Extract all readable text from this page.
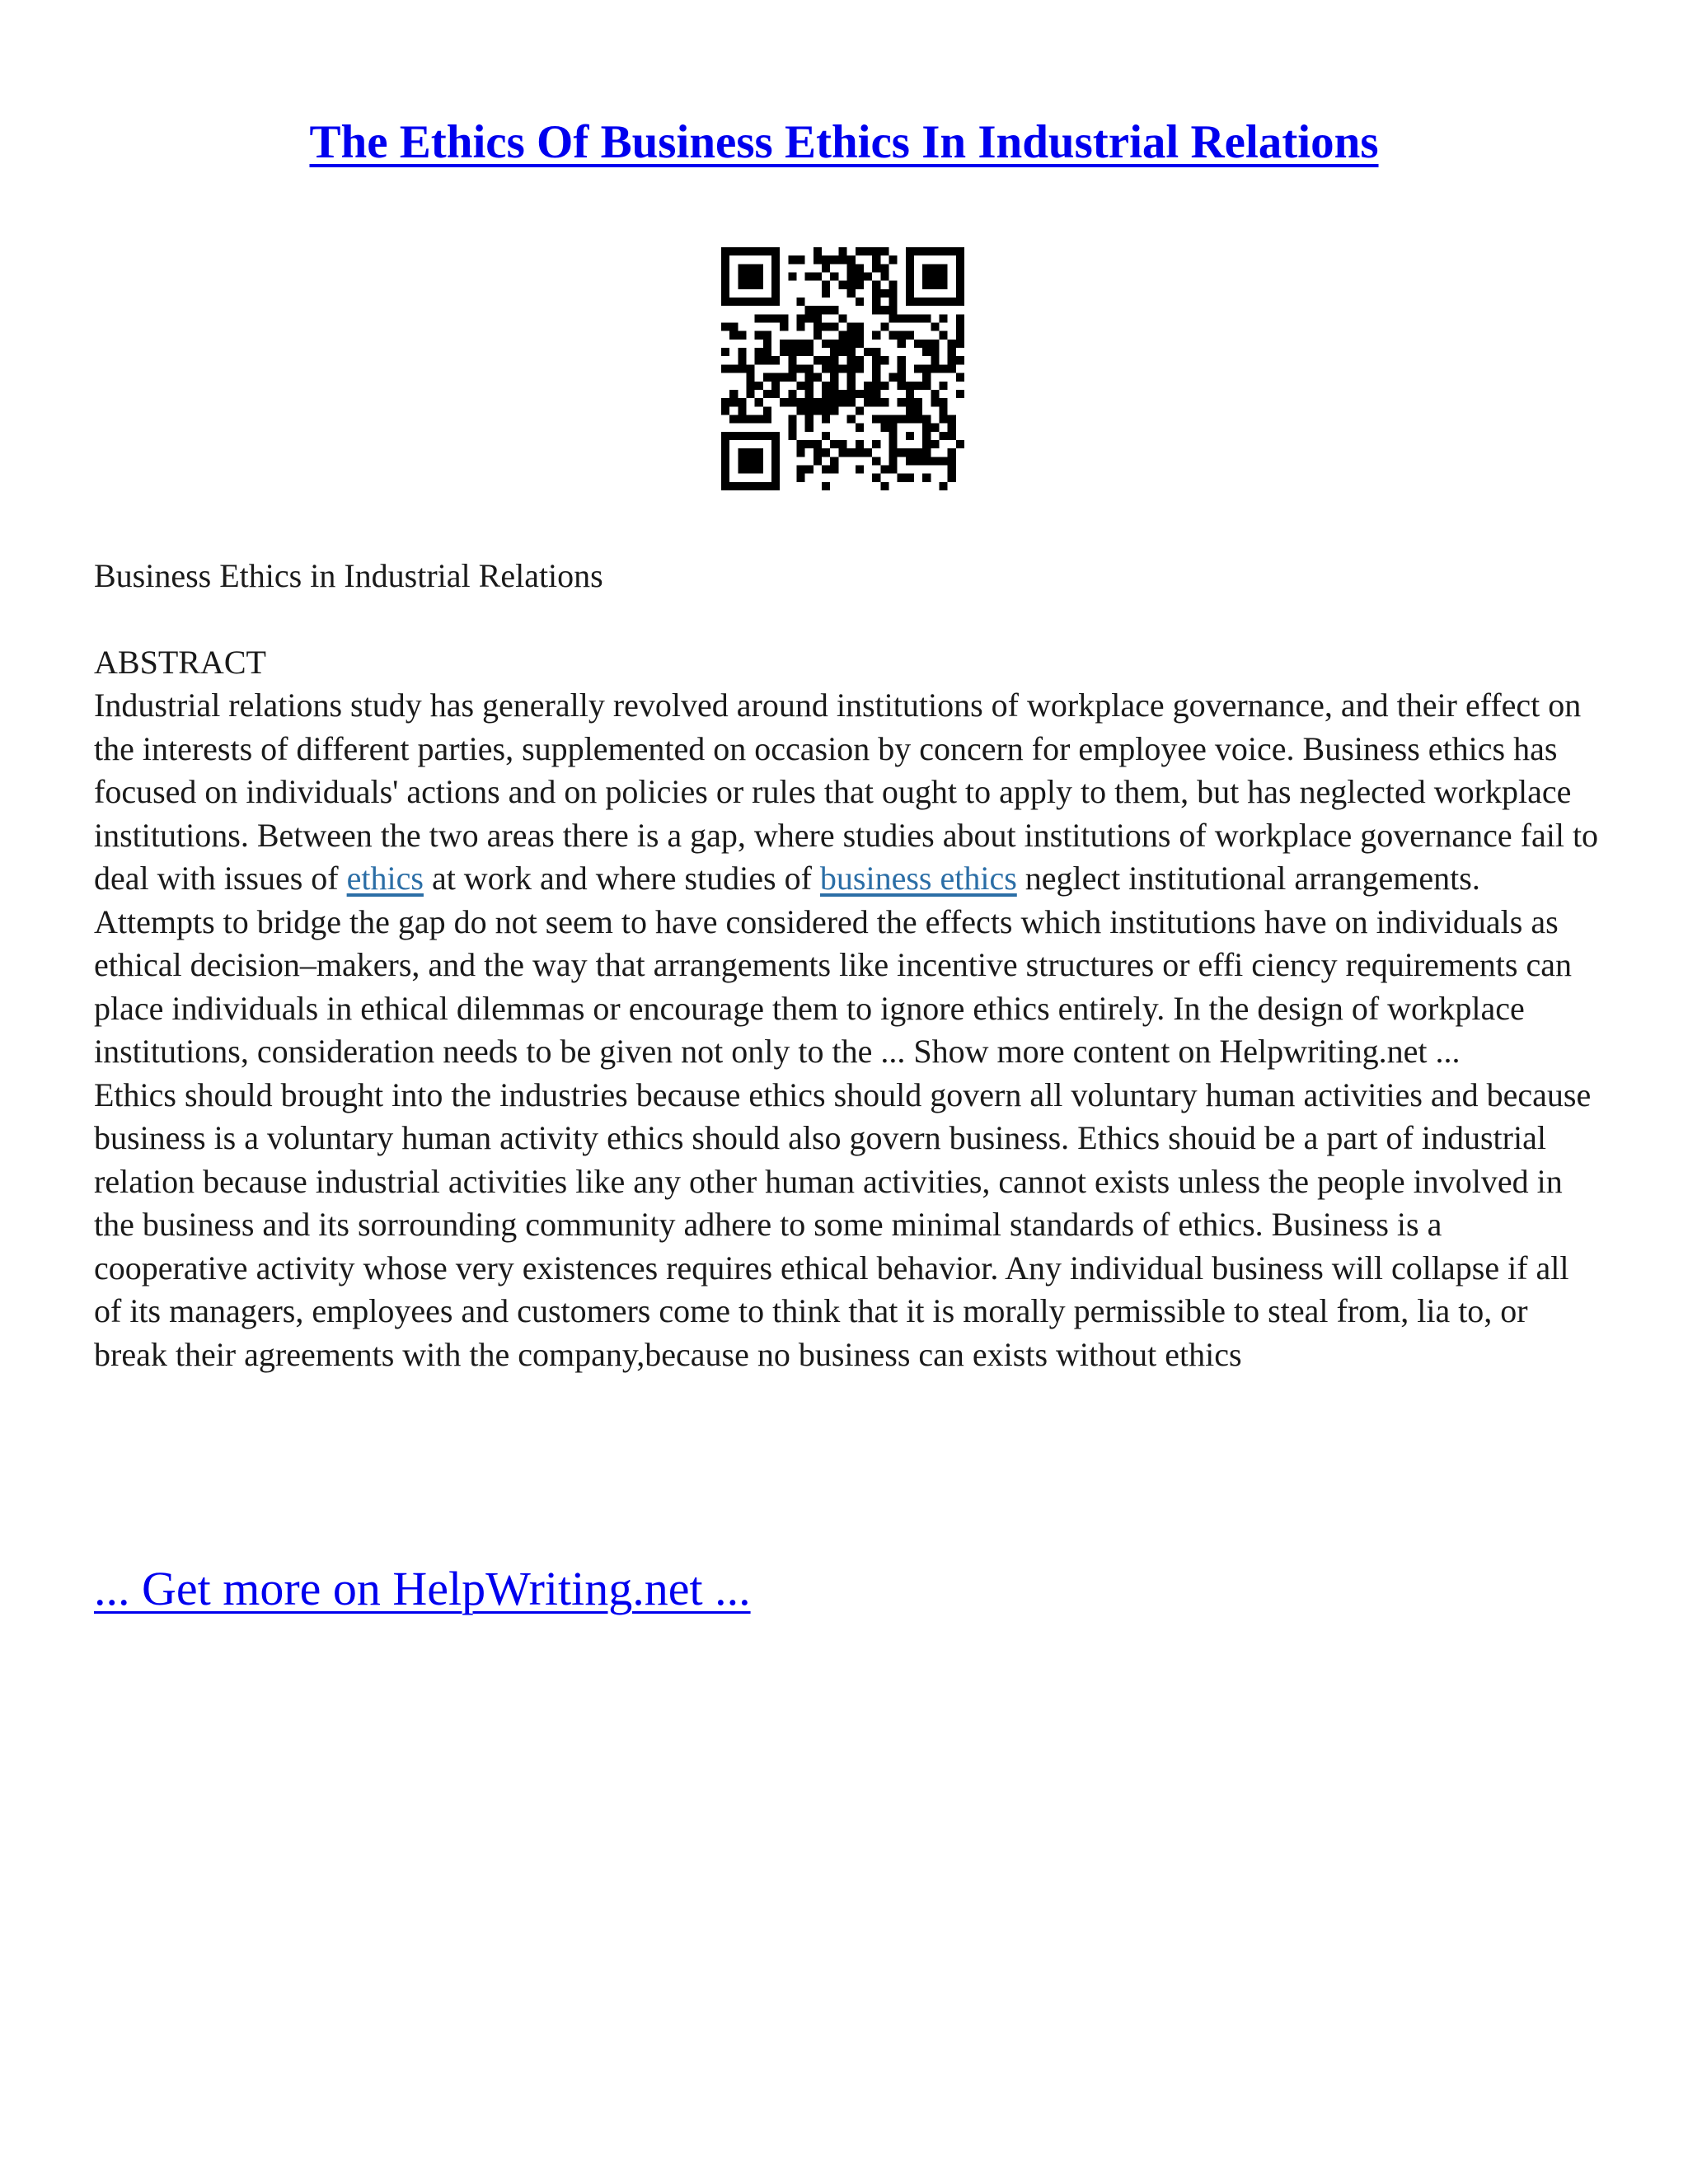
The Ethics Of Business Ethics In Industrial Relations

Business Ethics in Industrial Relations

ABSTRACT

Industrial relations study has generally revolved around institutions of workplace governance, and their effect on the interests of different parties, supplemented on occasion by concern for employee voice. Business ethics has focused on individuals' actions and on policies or rules that ought to apply to them, but has neglected workplace institutions. Between the two areas there is a gap, where studies about institutions of workplace governance fail to deal with issues of ethics at work and where studies of business ethics neglect institutional arrangements. Attempts to bridge the gap do not seem to have considered the effects which institutions have on individuals as ethical decision–makers, and the way that arrangements like incentive structures or effi ciency requirements can place individuals in ethical dilemmas or encourage them to ignore ethics entirely. In the design of workplace institutions, consideration needs to be given not only to the ... Show more content on Helpwriting.net ...

Ethics should brought into the industries because ethics should govern all voluntary human activities and because business is a voluntary human activity ethics should also govern business. Ethics shouid be a part of industrial relation because industrial activities like any other human activities, cannot exists unless the people involved in the business and its sorrounding community adhere to some minimal standards of ethics. Business is a cooperative activity whose very existences requires ethical behavior. Any individual business will collapse if all of its managers, employees and customers come to think that it is morally permissible to steal from, lia to, or break their agreements with the company,because no business can exists without ethics

... Get more on HelpWriting.net ...
